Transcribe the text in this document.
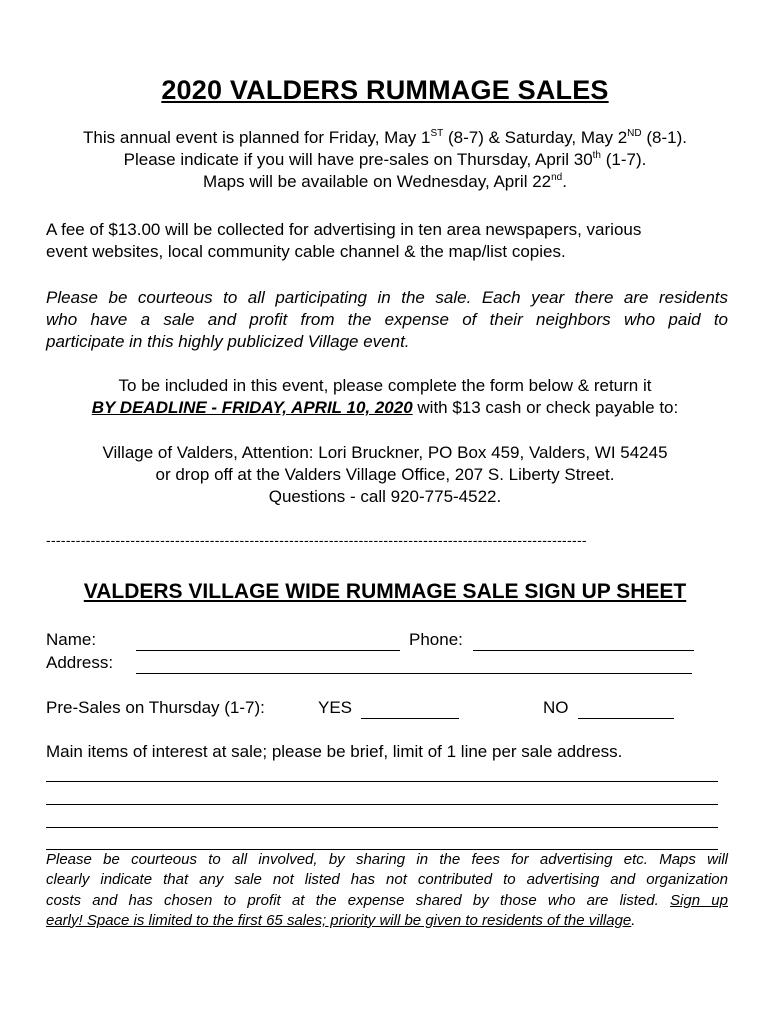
2020 VALDERS RUMMAGE SALES
This annual event is planned for Friday, May 1ST (8-7) & Saturday, May 2ND (8-1).
Please indicate if you will have pre-sales on Thursday, April 30th (1-7).
Maps will be available on Wednesday, April 22nd.
A fee of $13.00 will be collected for advertising in ten area newspapers, various
event websites, local community cable channel & the map/list copies.
Please be courteous to all participating in the sale. Each year there are residents
who have a sale and profit from the expense of their neighbors who paid to
participate in this highly publicized Village event.
To be included in this event, please complete the form below & return it
BY DEADLINE - FRIDAY, APRIL 10, 2020 with $13 cash or check payable to:
Village of Valders, Attention: Lori Bruckner, PO Box 459, Valders, WI 54245
or drop off at the Valders Village Office, 207 S. Liberty Street.
Questions - call 920-775-4522.
-------------------------------------------------------------------------------------------------------------
VALDERS VILLAGE WIDE RUMMAGE SALE SIGN UP SHEET
Name:	Phone:
Address:
Pre-Sales on Thursday (1-7):	YES	NO
Main items of interest at sale; please be brief, limit of 1 line per sale address.
Please be courteous to all involved, by sharing in the fees for advertising etc. Maps will
clearly indicate that any sale not listed has not contributed to advertising and organization
costs and has chosen to profit at the expense shared by those who are listed. Sign up
early! Space is limited to the first 65 sales; priority will be given to residents of the village.
